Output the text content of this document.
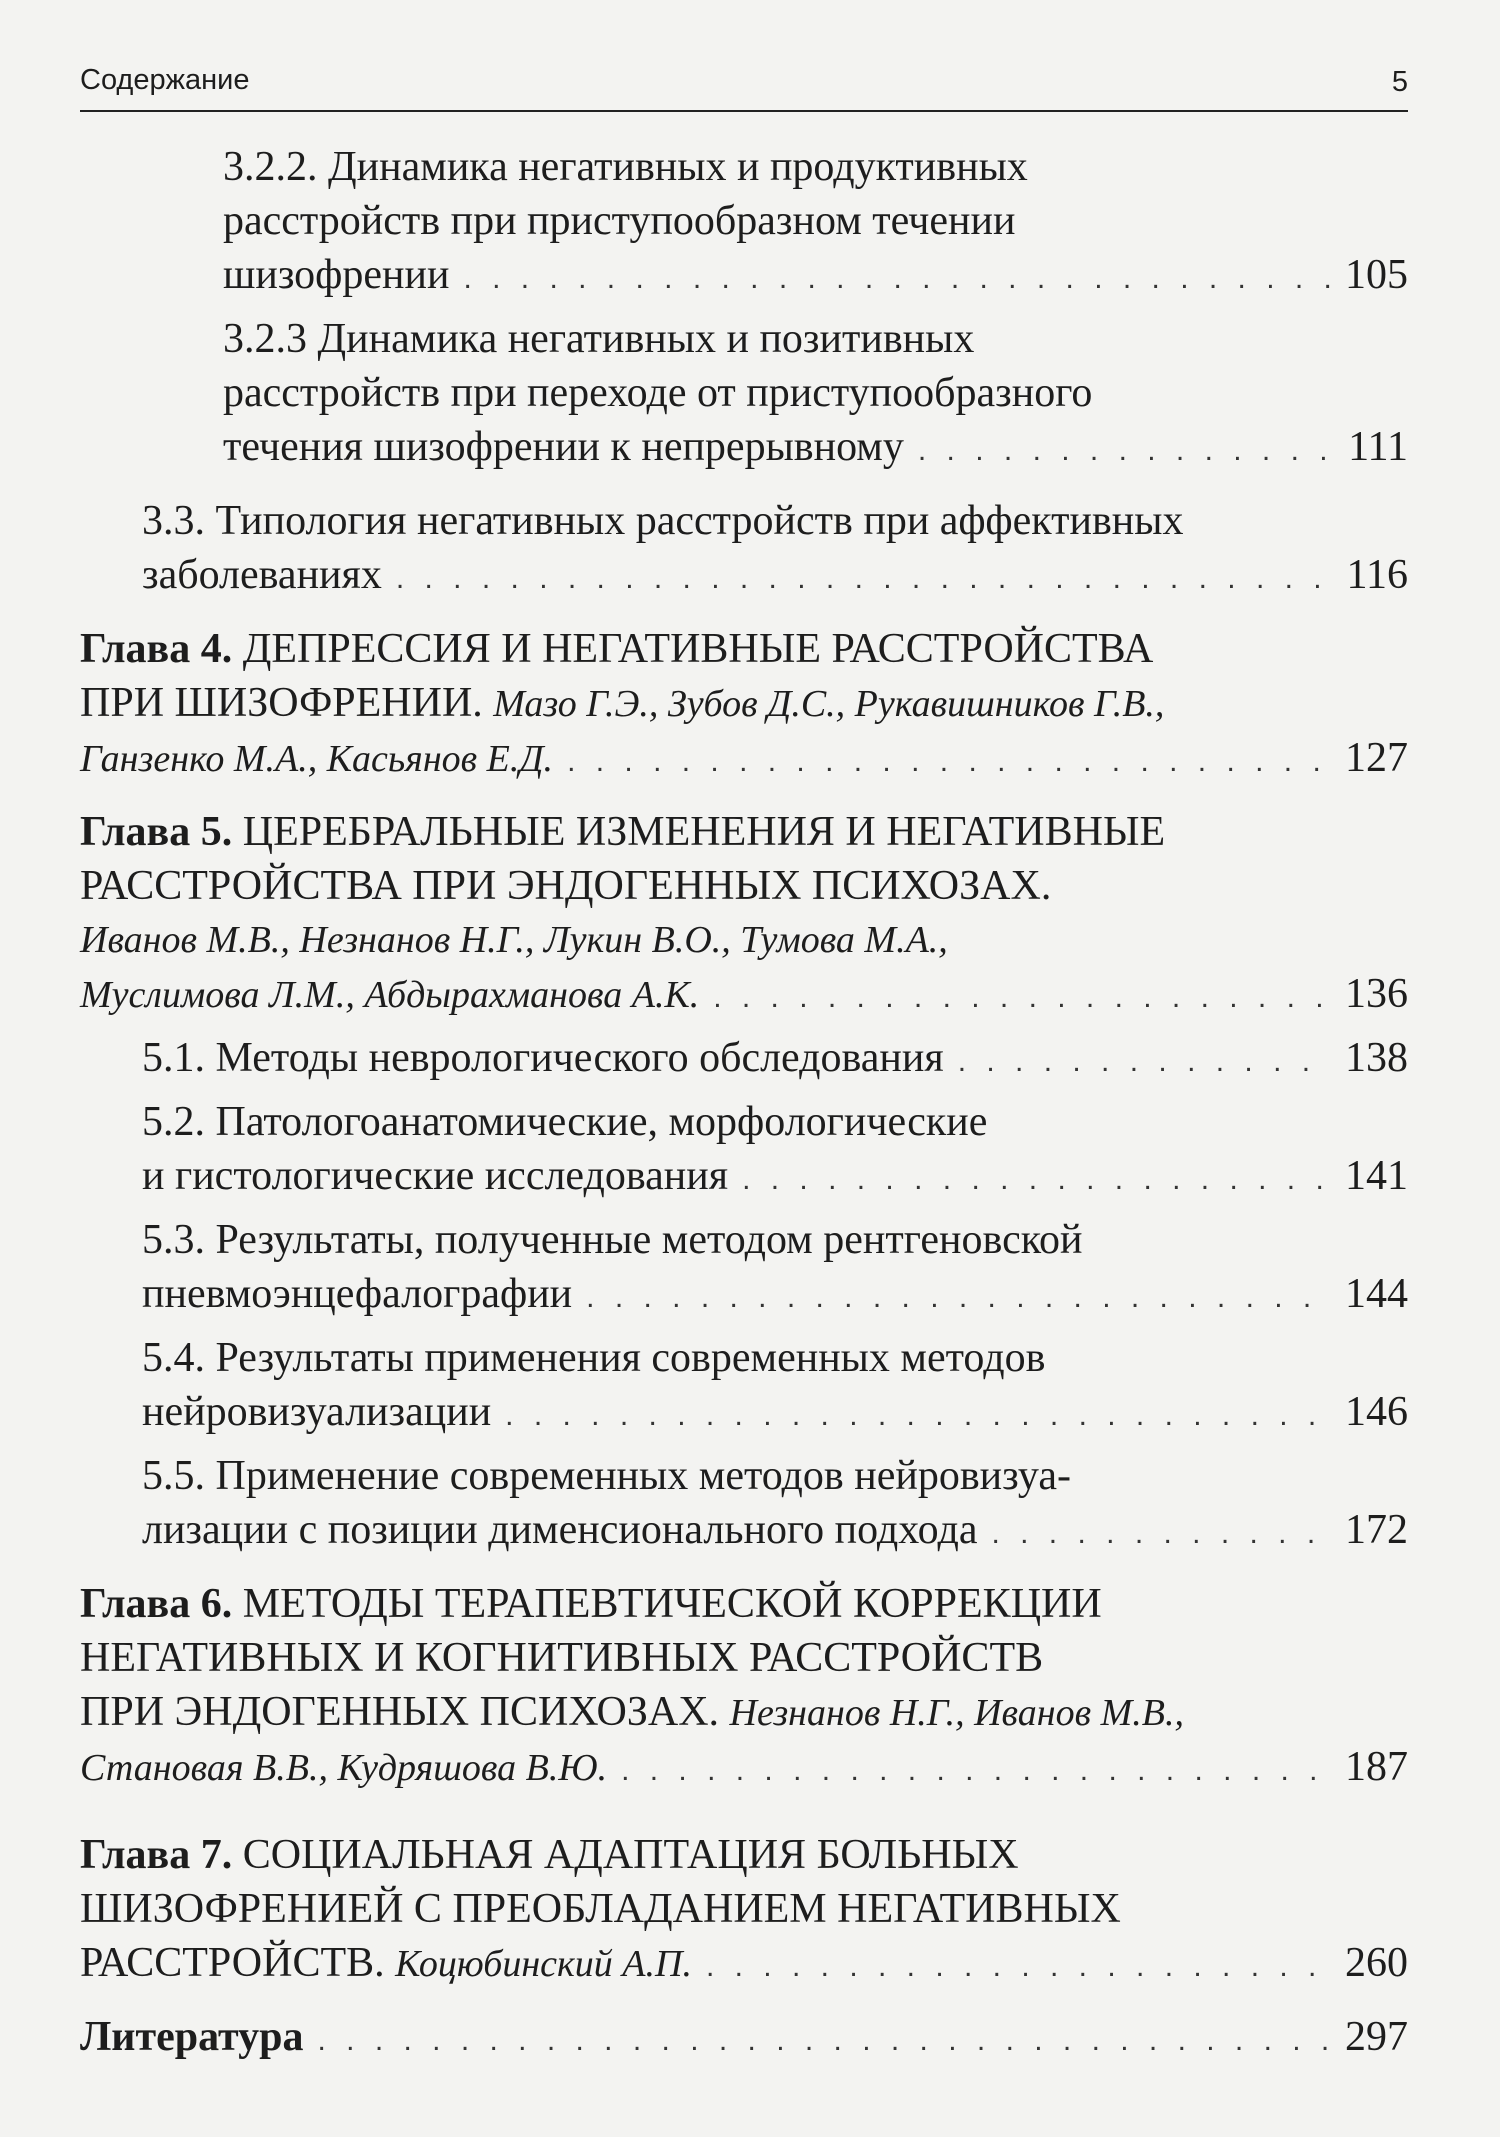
Содержание	5
3.2.2. Динамика негативных и продуктивных
расстройств при приступообразном течении
шизофрении . . .	105
3.2.3 Динамика негативных и позитивных
расстройств при переходе от приступообразного
течения шизофрении к непрерывному . . .	111
3.3. Типология негативных расстройств при аффективных
заболеваниях . . .	116
Глава 4. ДЕПРЕССИЯ И НЕГАТИВНЫЕ РАССТРОЙСТВА
ПРИ ШИЗОФРЕНИИ. Мазо Г.Э., Зубов Д.С., Рукавишников Г.В.,
Ганзенко М.А., Касьянов Е.Д. . . .	127
Глава 5. ЦЕРЕБРАЛЬНЫЕ ИЗМЕНЕНИЯ И НЕГАТИВНЫЕ
РАССТРОЙСТВА ПРИ ЭНДОГЕННЫХ ПСИХОЗАХ.
Иванов М.В., Незнанов Н.Г., Лукин В.О., Тумова М.А.,
Муслимова Л.М., Абдырахманова А.К. . . .	136
5.1. Методы неврологического обследования . . .	138
5.2. Патологоанатомические, морфологические
и гистологические исследования . . .	141
5.3. Результаты, полученные методом рентгеновской
пневмоэнцефалографии . . .	144
5.4. Результаты применения современных методов
нейровизуализации . . .	146
5.5. Применение современных методов нейровизуа-
лизации с позиции дименсионального подхода . . .	172
Глава 6. МЕТОДЫ ТЕРАПЕВТИЧЕСКОЙ КОРРЕКЦИИ
НЕГАТИВНЫХ И КОГНИТИВНЫХ РАССТРОЙСТВ
ПРИ ЭНДОГЕННЫХ ПСИХОЗАХ. Незнанов Н.Г., Иванов М.В.,
Становая В.В., Кудряшова В.Ю. . . .	187
Глава 7. СОЦИАЛЬНАЯ АДАПТАЦИЯ БОЛЬНЫХ
ШИЗОФРЕНИЕЙ С ПРЕОБЛАДАНИЕМ НЕГАТИВНЫХ
РАССТРОЙСТВ.
Коцюбинский А.П. . . .	260
Литература . . .	297
